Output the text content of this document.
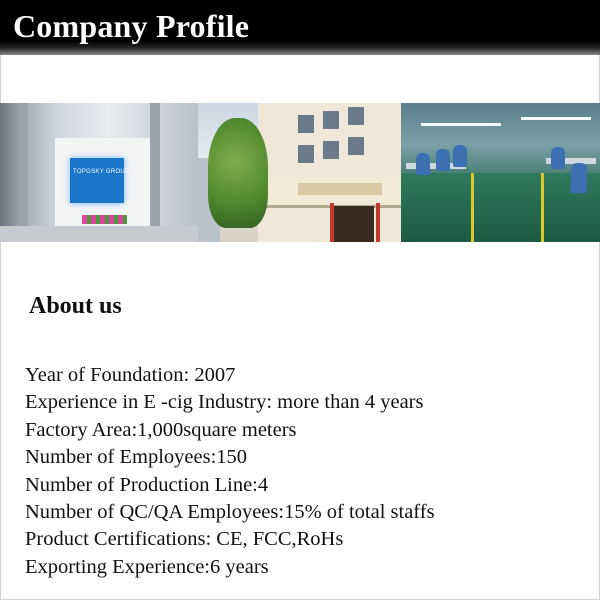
Company Profile
TOPGSKY GROUP
About us
Year of Foundation: 2007
Experience in E -cig Industry: more than 4 years
Factory Area:1,000square meters
Number of Employees:150
Number of Production Line:4
Number of QC/QA Employees:15% of total staffs
Product Certifications: CE, FCC,RoHs
Exporting Experience:6 years
